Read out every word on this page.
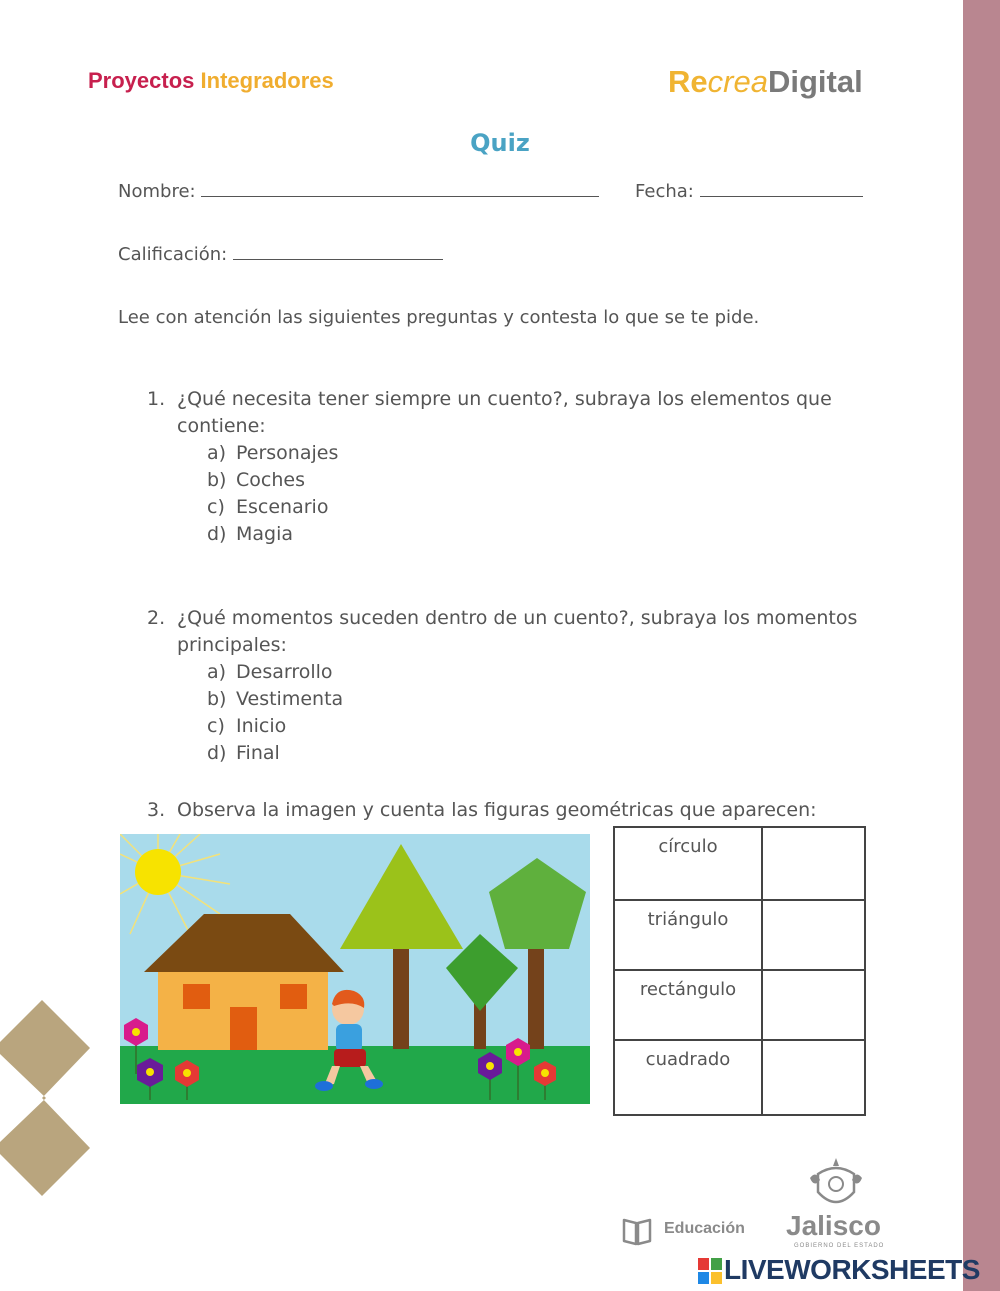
Proyectos Integradores	RecreaDigital
Quiz
Nombre:	Fecha:
Calificación:
Lee con atención las siguientes preguntas y contesta lo que se te pide.
1. ¿Qué necesita tener siempre un cuento?, subraya los elementos que contiene:
a) Personajes
b) Coches
c) Escenario
d) Magia
2. ¿Qué momentos suceden dentro de un cuento?, subraya los momentos principales:
a) Desarrollo
b) Vestimenta
c) Inicio
d) Final
3. Observa la imagen y cuenta las figuras geométricas que aparecen:
círculo	
triángulo	
rectángulo	
cuadrado	
Educación Jalisco
GOBIERNO DEL ESTADO
LIVEWORKSHEETS
